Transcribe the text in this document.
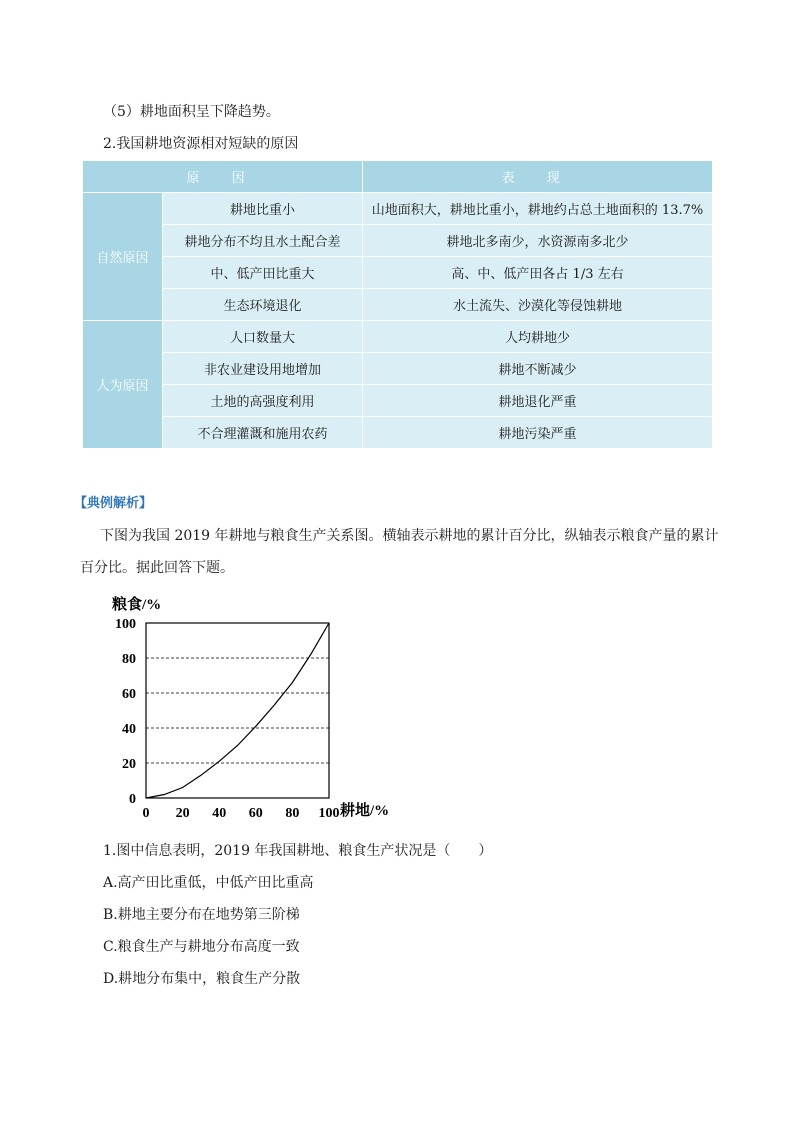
（5）耕地面积呈下降趋势。
2.我国耕地资源相对短缺的原因
原 因		表 现
自然原因	耕地比重小	山地面积大，耕地比重小，耕地约占总土地面积的 13.7%
	耕地分布不均且水土配合差	耕地北多南少，水资源南多北少
	中、低产田比重大	高、中、低产田各占 1/3 左右
	生态环境退化	水土流失、沙漠化等侵蚀耕地
人为原因	人口数量大	人均耕地少
	非农业建设用地增加	耕地不断减少
	土地的高强度利用	耕地退化严重
	不合理灌溉和施用农药	耕地污染严重
【典例解析】
下图为我国 2019 年耕地与粮食生产关系图。横轴表示耕地的累计百分比，纵轴表示粮食产量的累计百分比。据此回答下题。
0
20
40
60
80
100
0 20 40 60 80 100
粮食/%
耕地/%
1.图中信息表明，2019 年我国耕地、粮食生产状况是（　　）
A.高产田比重低，中低产田比重高
B.耕地主要分布在地势第三阶梯
C.粮食生产与耕地分布高度一致
D.耕地分布集中，粮食生产分散
